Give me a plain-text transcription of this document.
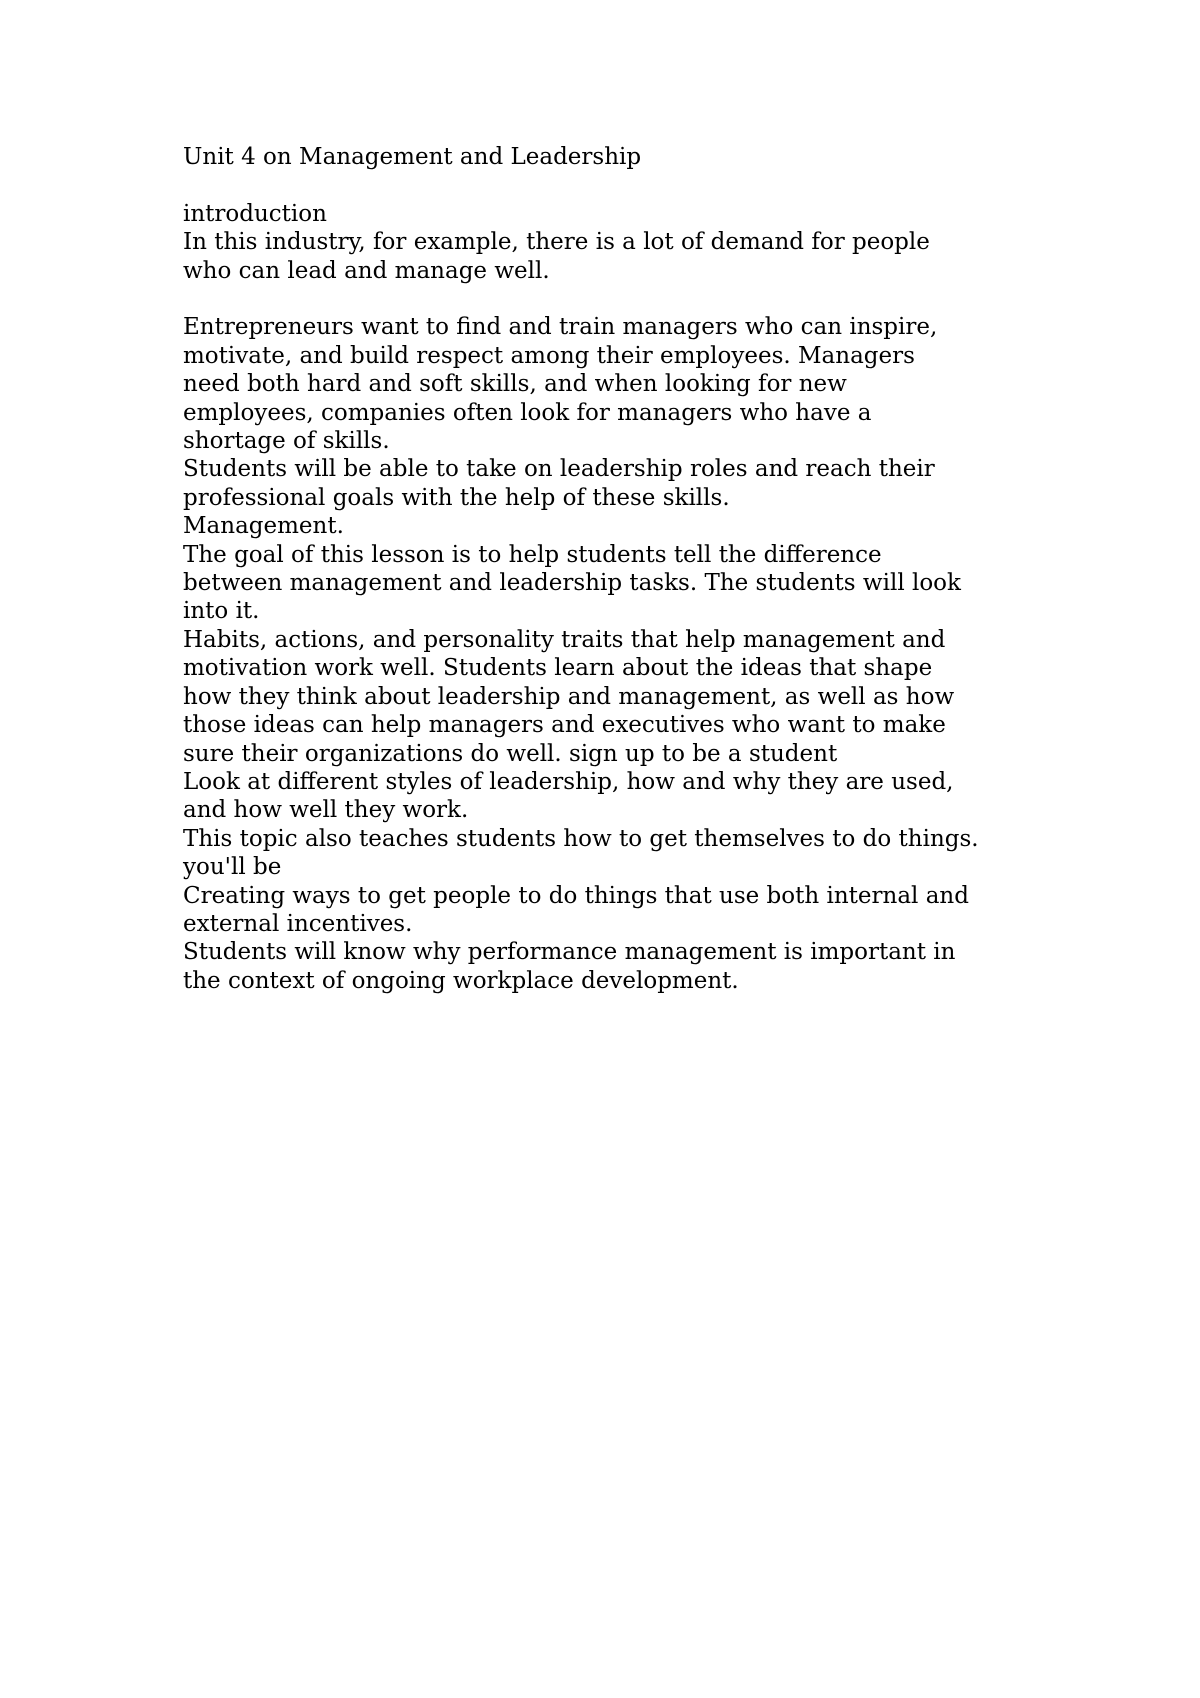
Unit 4 on Management and Leadership

introduction

In this industry, for example, there is a lot of demand for people

who can lead and manage well.

Entrepreneurs want to find and train managers who can inspire,

motivate, and build respect among their employees. Managers

need both hard and soft skills, and when looking for new

employees, companies often look for managers who have a

shortage of skills.

Students will be able to take on leadership roles and reach their

professional goals with the help of these skills.

Management.

The goal of this lesson is to help students tell the difference

between management and leadership tasks. The students will look

into it.

Habits, actions, and personality traits that help management and

motivation work well. Students learn about the ideas that shape

how they think about leadership and management, as well as how

those ideas can help managers and executives who want to make

sure their organizations do well. sign up to be a student

Look at different styles of leadership, how and why they are used,

and how well they work.

This topic also teaches students how to get themselves to do things.

you'll be

Creating ways to get people to do things that use both internal and

external incentives.

Students will know why performance management is important in

the context of ongoing workplace development.
